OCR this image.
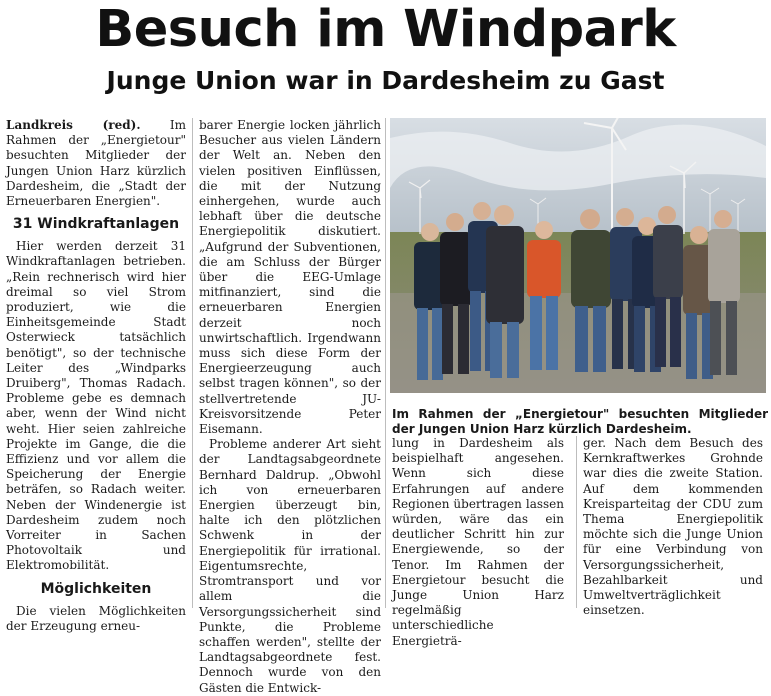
Besuch im Windpark
Junge Union war in Dardesheim zu Gast

Landkreis (red). Im Rahmen der „Energietour" besuchten Mitglieder der Jungen Union Harz kürzlich Dardesheim, die „Stadt der Erneuerbaren Energien".

31 Windkraftanlagen

Hier werden derzeit 31 Windkraftanlagen betrieben. „Rein rechnerisch wird hier dreimal so viel Strom produziert, wie die Einheitsgemeinde Stadt Osterwieck tatsächlich benötigt", so der technische Leiter des „Windparks Druiberg", Thomas Radach. Probleme gebe es demnach aber, wenn der Wind nicht weht. Hier seien zahlreiche Projekte im Gange, die die Effizienz und vor allem die Speicherung der Energie beträfen, so Radach weiter. Neben der Windenergie ist Dardesheim zudem noch Vorreiter in Sachen Photovoltaik und Elektromobilität.

Möglichkeiten

Die vielen Möglichkeiten der Erzeugung erneu-

barer Energie locken jährlich Besucher aus vielen Ländern der Welt an. Neben den vielen positiven Einflüssen, die mit der Nutzung einhergehen, wurde auch lebhaft über die deutsche Energiepolitik diskutiert. „Aufgrund der Subventionen, die am Schluss der Bürger über die EEG-Umlage mitfinanziert, sind die erneuerbaren Energien derzeit noch unwirtschaftlich. Irgendwann muss sich diese Form der Energieerzeugung auch selbst tragen können", so der stellvertretende JU-Kreisvorsitzende Peter Eisemann.

Probleme anderer Art sieht der Landtagsabgeordnete Bernhard Daldrup. „Obwohl ich von erneuerbaren Energien überzeugt bin, halte ich den plötzlichen Schwenk in der Energiepolitik für irrational. Eigentumsrechte, Stromtransport und vor allem die Versorgungssicherheit sind Punkte, die Probleme schaffen werden", stellte der Landtagsabgeordnete fest. Dennoch wurde von den Gästen die Entwick-

Im Rahmen der „Energietour" besuchten Mitglieder der Jungen Union Harz kürzlich Dardesheim.

lung in Dardesheim als beispielhaft angesehen. Wenn sich diese Erfahrungen auf andere Regionen übertragen lassen würden, wäre das ein deutlicher Schritt hin zur Energiewende, so der Tenor. Im Rahmen der Energietour besucht die Junge Union Harz regelmäßig unterschiedliche Energieträ-

ger. Nach dem Besuch des Kernkraftwerkes Grohnde war dies die zweite Station. Auf dem kommenden Kreisparteitag der CDU zum Thema Energiepolitik möchte sich die Junge Union für eine Verbindung von Versorgungssicherheit, Bezahlbarkeit und Umweltverträglichkeit einsetzen.
